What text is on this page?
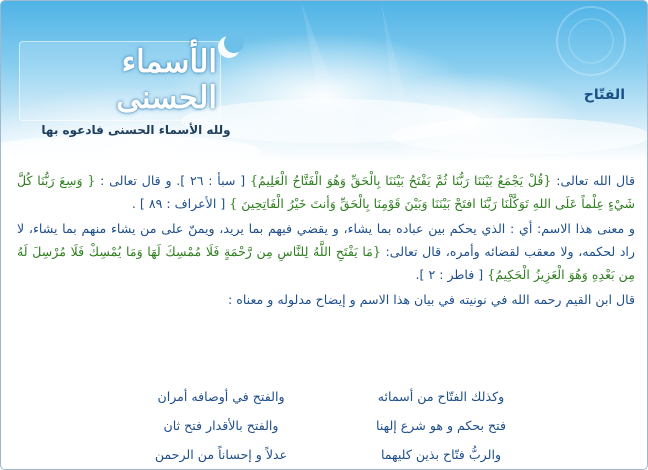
الأسماء الحسنى
ولله الأسماء الحسنى فادعوه بها
الفتّاح

قال الله تعالى: {قُلْ يَجْمَعُ بَيْنَنَا رَبُّنَا ثُمَّ يَفْتَحُ بَيْنَنَا بِالْحَقِّ وَهُوَ الْفَتَّاحُ الْعَلِيمُ} [ سبأ : ٢٦ ]. و قال تعالى : { وَسِعَ رَبُّنَا كُلَّ شَيْءٍ عِلْماً عَلَى اللهِ تَوَكَّلْنَا رَبَّنَا افتَحْ بَيْنَنَا وَبَيْنَ قَوْمِنَا بِالْحَقِّ وَأنتَ خَيْرُ الْفَاتِحِينَ } [ الأعراف : ٨٩ ] .

و معنى هذا الاسم: أي : الذي يحكم بين عباده بما يشاء، و يقضي فيهم بما يريد، ويمنّ على من يشاء منهم بما يشاء، لا راد لحكمه، ولا معقب لقضائه وأمره، قال تعالى: {مَا يَفْتَحِ اللَّهُ لِلنَّاسِ مِن رَّحْمَةٍ فَلَا مُمْسِكَ لَهَا وَمَا يُمْسِكْ فَلَا مُرْسِلَ لَهُ مِن بَعْدِهِ وَهُوَ الْعَزِيزُ الْحَكِيمُ} [ فاطر : ٢ ].

قال ابن القيم رحمه الله في نونيته في بيان هذا الاسم و إيضاح مدلوله و معناه :

وكذلك الفتّاح من أسمائه
والفتح في أوصافه أمران
فتح بحكم و هو شرع إلهنا
والفتح بالأقدار فتح ثان
والربُّ فتّاح بذين كليهما
عدلاً و إحساناً من الرحمن
